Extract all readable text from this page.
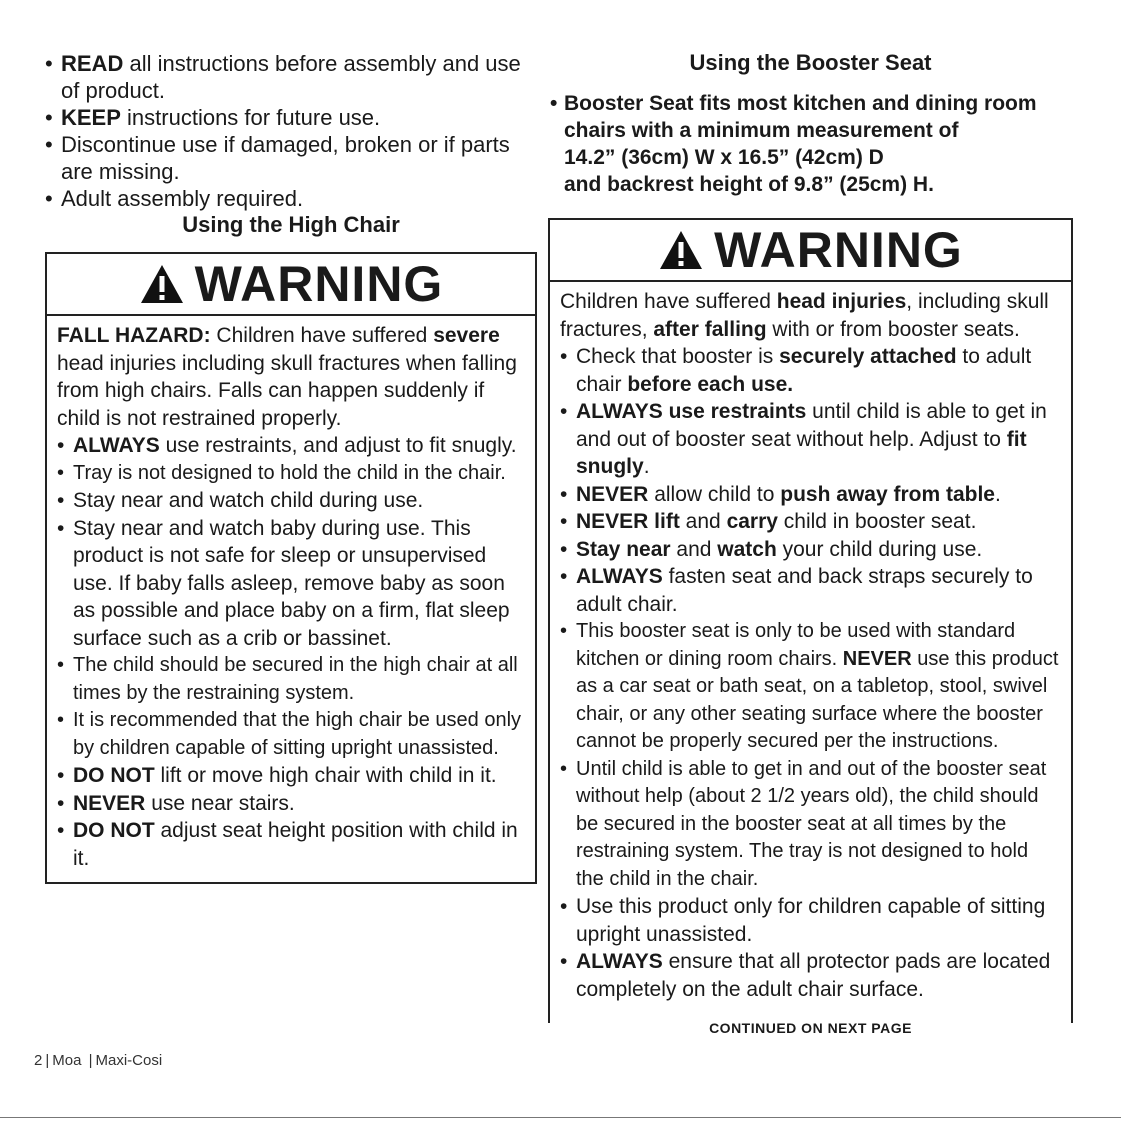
• READ all instructions before assembly and use of product.
• KEEP instructions for future use.
• Discontinue use if damaged, broken or if parts are missing.
• Adult assembly required.
Using the High Chair
WARNING

FALL HAZARD: Children have suffered severe head injuries including skull fractures when falling from high chairs. Falls can happen suddenly if child is not restrained properly.

• ALWAYS use restraints, and adjust to fit snugly.
• Tray is not designed to hold the child in the chair.
• Stay near and watch child during use.
• Stay near and watch baby during use. This product is not safe for sleep or unsupervised use. If baby falls asleep, remove baby as soon as possible and place baby on a firm, flat sleep surface such as a crib or bassinet.
• The child should be secured in the high chair at all times by the restraining system.
• It is recommended that the high chair be used only by children capable of sitting upright unassisted.
• DO NOT lift or move high chair with child in it.
• NEVER use near stairs.
• DO NOT adjust seat height position with child in it.
Using the Booster Seat
• Booster Seat fits most kitchen and dining room
chairs with a minimum measurement of
14.2” (36cm) W x 16.5” (42cm) D
and backrest height of 9.8” (25cm) H.
WARNING

Children have suffered head injuries, including skull fractures, after falling with or from booster seats.

• Check that booster is securely attached to adult chair before each use.
• ALWAYS use restraints until child is able to get in and out of booster seat without help. Adjust to fit snugly.
• NEVER allow child to push away from table.
• NEVER lift and carry child in booster seat.
• Stay near and watch your child during use.
• ALWAYS fasten seat and back straps securely to adult chair.
• This booster seat is only to be used with standard kitchen or dining room chairs. NEVER use this product as a car seat or bath seat, on a tabletop, stool, swivel chair, or any other seating surface where the booster cannot be properly secured per the instructions.
• Until child is able to get in and out of the booster seat without help (about 2 1/2 years old), the child should be secured in the booster seat at all times by the restraining system. The tray is not designed to hold the child in the chair.
• Use this product only for children capable of sitting upright unassisted.
• ALWAYS ensure that all protector pads are located completely on the adult chair surface.
CONTINUED ON NEXT PAGE
2 | Moa | Maxi-Cosi
